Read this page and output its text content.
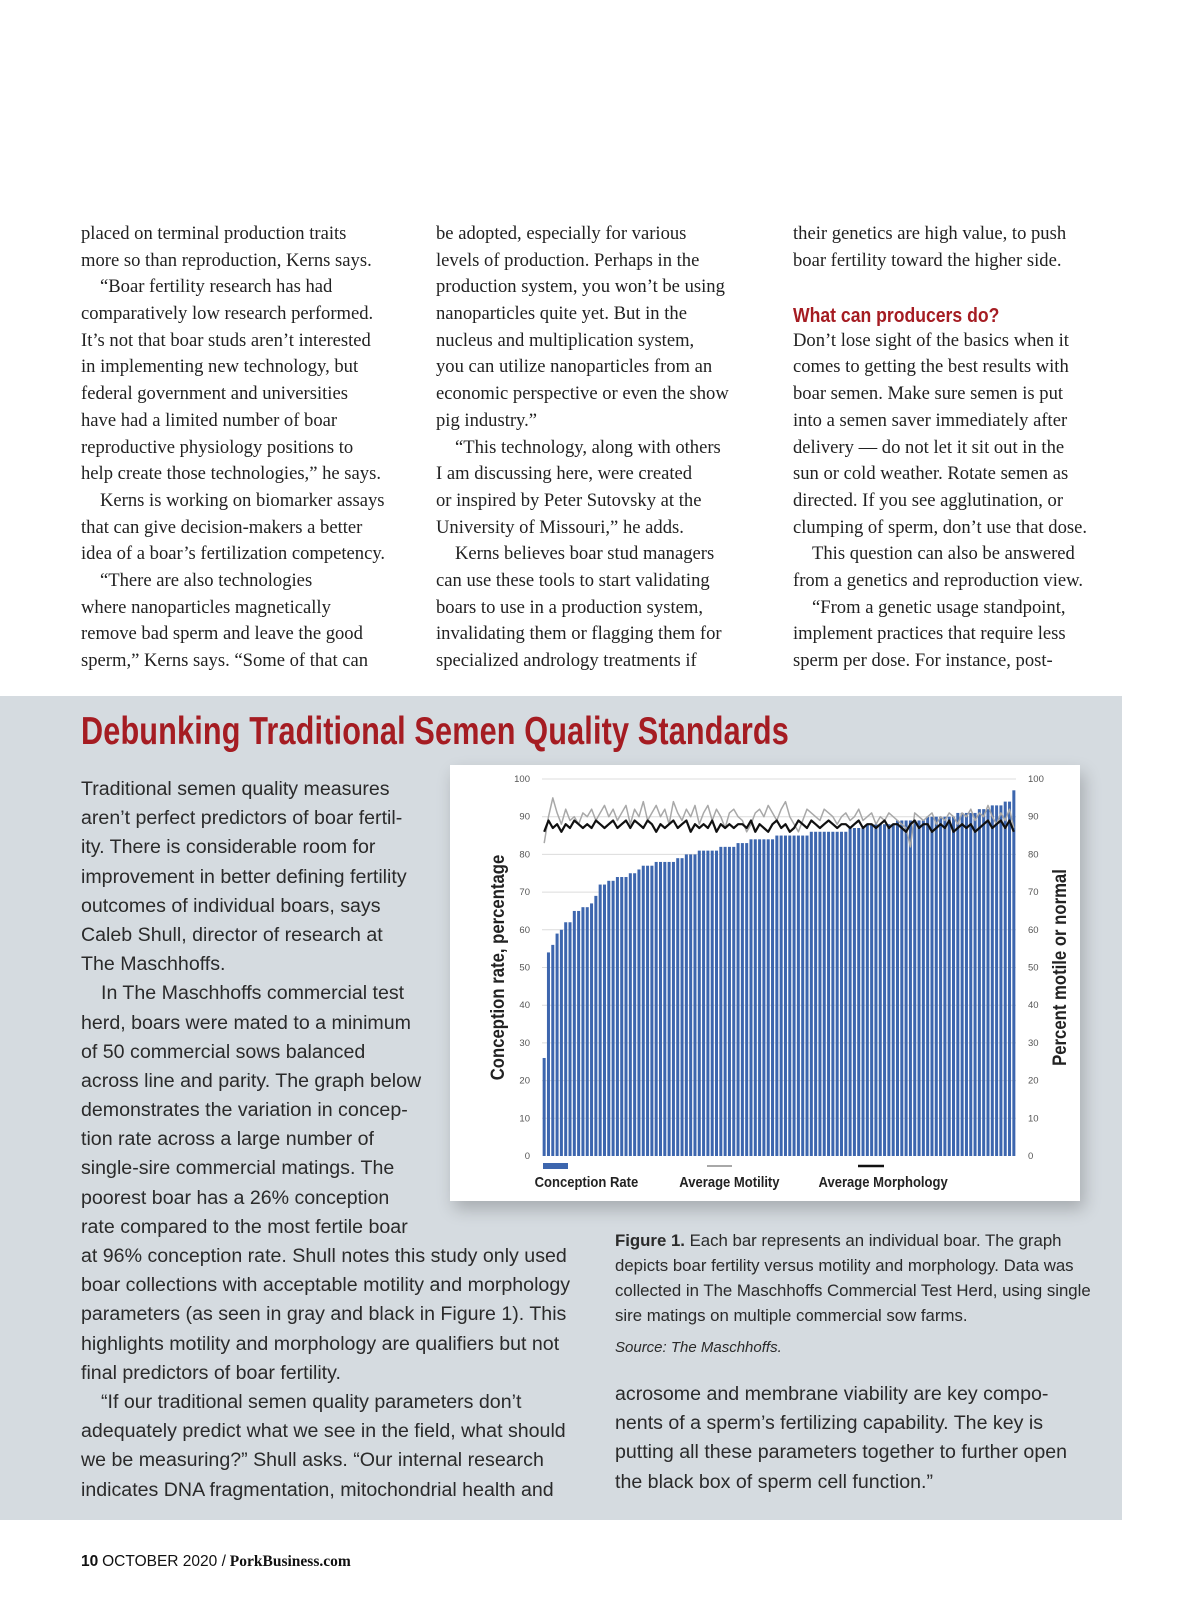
placed on terminal production traits
more so than reproduction, Kerns says.
“Boar fertility research has had
comparatively low research performed.
It’s not that boar studs aren’t interested
in implementing new technology, but
federal government and universities
have had a limited number of boar
reproductive physiology positions to
help create those technologies,” he says.
Kerns is working on biomarker assays
that can give decision-makers a better
idea of a boar’s fertilization competency.
“There are also technologies
where nanoparticles magnetically
remove bad sperm and leave the good
sperm,” Kerns says. “Some of that can
be adopted, especially for various
levels of production. Perhaps in the
production system, you won’t be using
nanoparticles quite yet. But in the
nucleus and multiplication system,
you can utilize nanoparticles from an
economic perspective or even the show
pig industry.”
“This technology, along with others
I am discussing here, were created
or inspired by Peter Sutovsky at the
University of Missouri,” he adds.
Kerns believes boar stud managers
can use these tools to start validating
boars to use in a production system,
invalidating them or flagging them for
specialized andrology treatments if
their genetics are high value, to push
boar fertility toward the higher side.
What can producers do?
Don’t lose sight of the basics when it
comes to getting the best results with
boar semen. Make sure semen is put
into a semen saver immediately after
delivery — do not let it sit out in the
sun or cold weather. Rotate semen as
directed. If you see agglutination, or
clumping of sperm, don’t use that dose.
This question can also be answered
from a genetics and reproduction view.
“From a genetic usage standpoint,
implement practices that require less
sperm per dose. For instance, post-
Debunking Traditional Semen Quality Standards
Traditional semen quality measures
aren’t perfect predictors of boar fertil-
ity. There is considerable room for
improvement in better defining fertility
outcomes of individual boars, says
Caleb Shull, director of research at
The Maschhoffs.
In The Maschhoffs commercial test
herd, boars were mated to a minimum
of 50 commercial sows balanced
across line and parity. The graph below
demonstrates the variation in concep-
tion rate across a large number of
single-sire commercial matings. The
poorest boar has a 26% conception
rate compared to the most fertile boar
at 96% conception rate. Shull notes this study only used
boar collections with acceptable motility and morphology
parameters (as seen in gray and black in Figure 1). This
highlights motility and morphology are qualifiers but not
final predictors of boar fertility.
“If our traditional semen quality parameters don’t
adequately predict what we see in the field, what should
we be measuring?” Shull asks. “Our internal research
indicates DNA fragmentation, mitochondrial health and
acrosome and membrane viability are key compo-
nents of a sperm’s fertilizing capability. The key is
putting all these parameters together to further open
the black box of sperm cell function.”
0	0
10	10
20	20
30	30
40	40
50	50
60	60
70	70
80	80
90	90
100	100
Conception rate, percentage	Percent motile or normal
Conception Rate	Average Motility	Average Morphology
Figure 1. Each bar represents an individual boar. The graph depicts boar fertility versus motility and morphology. Data was collected in The Maschhoffs Commercial Test Herd, using single sire matings on multiple commercial sow farms.
Source: The Maschhoffs.
10 OCTOBER 2020 / PorkBusiness.com
